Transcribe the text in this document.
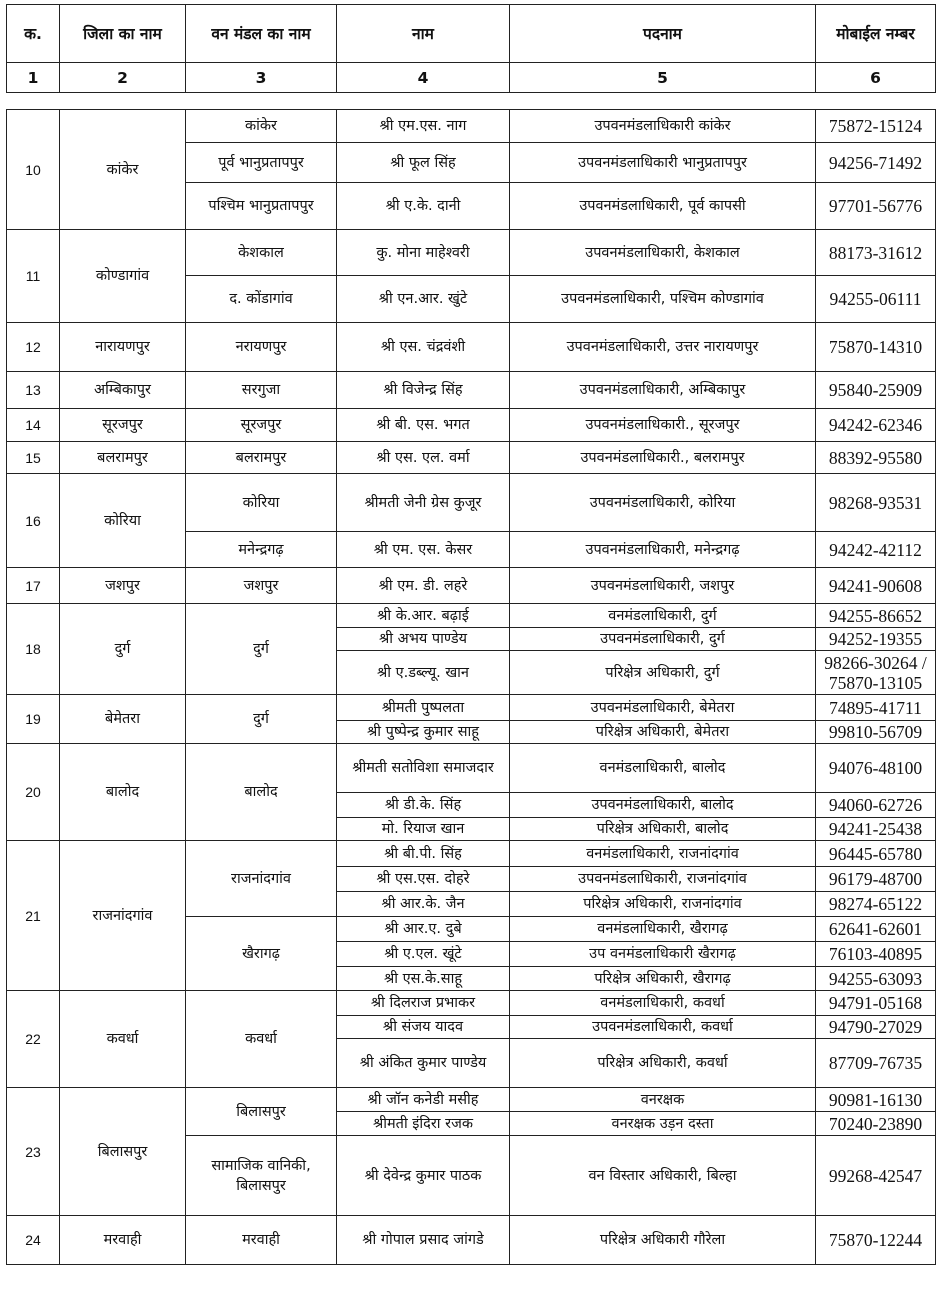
क.	जिला का नाम	वन मंडल का नाम	नाम	पदनाम	मोबाईल नम्बर
1	2	3	4	5	6

10	कांकेर	कांकेर	श्री एम.एस. नाग	उपवनमंडलाधिकारी कांकेर	75872-15124
		पूर्व भानुप्रतापपुर	श्री फूल सिंह	उपवनमंडलाधिकारी भानुप्रतापपुर	94256-71492
		पश्चिम भानुप्रतापपुर	श्री ए.के. दानी	उपवनमंडलाधिकारी, पूर्व कापसी	97701-56776
11	कोण्डागांव	केशकाल	कु. मोना माहेश्वरी	उपवनमंडलाधिकारी, केशकाल	88173-31612
		द. कोंडागांव	श्री एन.आर. खुंटे	उपवनमंडलाधिकारी, पश्चिम कोण्डागांव	94255-06111
12	नारायणपुर	नरायणपुर	श्री एस. चंद्रवंशी	उपवनमंडलाधिकारी, उत्तर नारायणपुर	75870-14310
13	अम्बिकापुर	सरगुजा	श्री विजेन्द्र सिंह	उपवनमंडलाधिकारी, अम्बिकापुर	95840-25909
14	सूरजपुर	सूरजपुर	श्री बी. एस. भगत	उपवनमंडलाधिकारी., सूरजपुर	94242-62346
15	बलरामपुर	बलरामपुर	श्री एस. एल. वर्मा	उपवनमंडलाधिकारी., बलरामपुर	88392-95580
16	कोरिया	कोरिया	श्रीमती जेनी ग्रेस कुजूर	उपवनमंडलाधिकारी, कोरिया	98268-93531
		मनेन्द्रगढ़	श्री एम. एस. केसर	उपवनमंडलाधिकारी, मनेन्द्रगढ़	94242-42112
17	जशपुर	जशपुर	श्री एम. डी. लहरे	उपवनमंडलाधिकारी, जशपुर	94241-90608
18	दुर्ग	दुर्ग	श्री के.आर. बढ़ाई	वनमंडलाधिकारी, दुर्ग	94255-86652
			श्री अभय पाण्डेय	उपवनमंडलाधिकारी, दुर्ग	94252-19355
			श्री ए.डब्ल्यू. खान	परिक्षेत्र अधिकारी, दुर्ग	98266-30264 / 75870-13105
19	बेमेतरा	दुर्ग	श्रीमती पुष्पलता	उपवनमंडलाधिकारी, बेमेतरा	74895-41711
			श्री पुष्पेन्द्र कुमार साहू	परिक्षेत्र अधिकारी, बेमेतरा	99810-56709
20	बालोद	बालोद	श्रीमती सतोविशा समाजदार	वनमंडलाधिकारी, बालोद	94076-48100
			श्री डी.के. सिंह	उपवनमंडलाधिकारी, बालोद	94060-62726
			मो. रियाज खान	परिक्षेत्र अधिकारी, बालोद	94241-25438
21	राजनांदगांव	राजनांदगांव	श्री बी.पी. सिंह	वनमंडलाधिकारी, राजनांदगांव	96445-65780
			श्री एस.एस. दोहरे	उपवनमंडलाधिकारी, राजनांदगांव	96179-48700
			श्री आर.के. जैन	परिक्षेत्र अधिकारी, राजनांदगांव	98274-65122
		खैरागढ़	श्री आर.ए. दुबे	वनमंडलाधिकारी, खैरागढ़	62641-62601
			श्री ए.एल. खूंटे	उप वनमंडलाधिकारी खैरागढ़	76103-40895
			श्री एस.के.साहू	परिक्षेत्र अधिकारी, खैरागढ़	94255-63093
22	कवर्धा	कवर्धा	श्री दिलराज प्रभाकर	वनमंडलाधिकारी, कवर्धा	94791-05168
			श्री संजय यादव	उपवनमंडलाधिकारी, कवर्धा	94790-27029
			श्री अंकित कुमार पाण्डेय	परिक्षेत्र अधिकारी, कवर्धा	87709-76735
23	बिलासपुर	बिलासपुर	श्री जॉन कनेडी मसीह	वनरक्षक	90981-16130
			श्रीमती इंदिरा रजक	वनरक्षक उड़न दस्ता	70240-23890
		सामाजिक वानिकी, बिलासपुर	श्री देवेन्द्र कुमार पाठक	वन विस्तार अधिकारी, बिल्हा	99268-42547
24	मरवाही	मरवाही	श्री गोपाल प्रसाद जांगडे	परिक्षेत्र अधिकारी गौरेला	75870-12244
